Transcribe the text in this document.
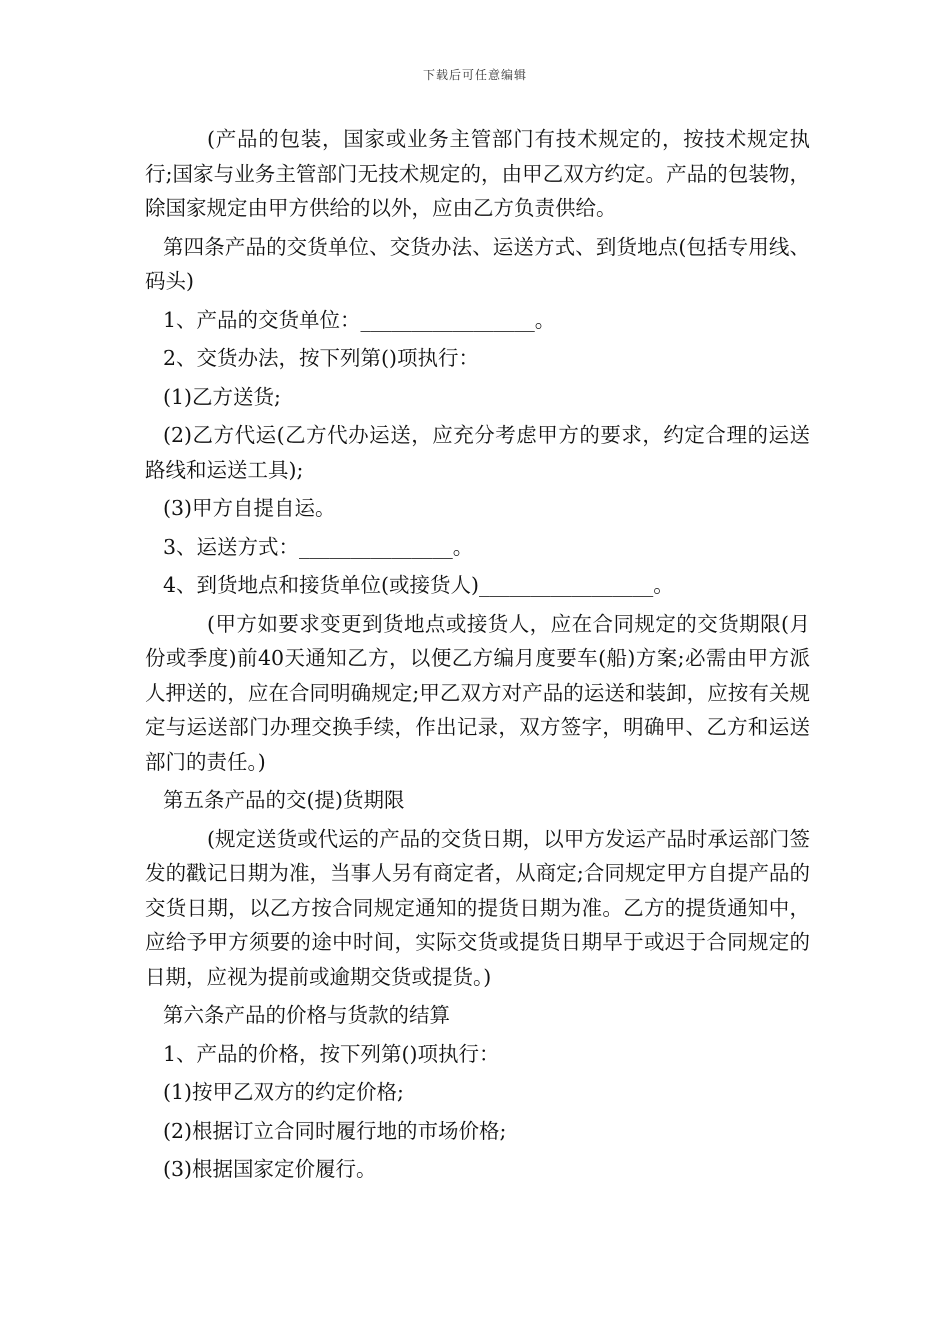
下载后可任意编辑

(产品的包装，国家或业务主管部门有技术规定的，按技术规定执行;国家与业务主管部门无技术规定的，由甲乙双方约定。产品的包装物，除国家规定由甲方供给的以外，应由乙方负责供给。

第四条产品的交货单位、交货办法、运送方式、到货地点(包括专用线、码头)

1、产品的交货单位：_________________。

2、交货办法，按下列第()项执行：

(1)乙方送货;

(2)乙方代运(乙方代办运送，应充分考虑甲方的要求，约定合理的运送路线和运送工具);

(3)甲方自提自运。

3、运送方式：_______________。

4、到货地点和接货单位(或接货人)_________________。

(甲方如要求变更到货地点或接货人，应在合同规定的交货期限(月份或季度)前40天通知乙方，以便乙方编月度要车(船)方案;必需由甲方派人押送的，应在合同明确规定;甲乙双方对产品的运送和装卸，应按有关规定与运送部门办理交换手续，作出记录，双方签字，明确甲、乙方和运送部门的责任。)

第五条产品的交(提)货期限

(规定送货或代运的产品的交货日期，以甲方发运产品时承运部门签发的戳记日期为准，当事人另有商定者，从商定;合同规定甲方自提产品的交货日期，以乙方按合同规定通知的提货日期为准。乙方的提货通知中，应给予甲方须要的途中时间，实际交货或提货日期早于或迟于合同规定的日期，应视为提前或逾期交货或提货。)

第六条产品的价格与货款的结算

1、产品的价格，按下列第()项执行：

(1)按甲乙双方的约定价格;

(2)根据订立合同时履行地的市场价格;

(3)根据国家定价履行。
